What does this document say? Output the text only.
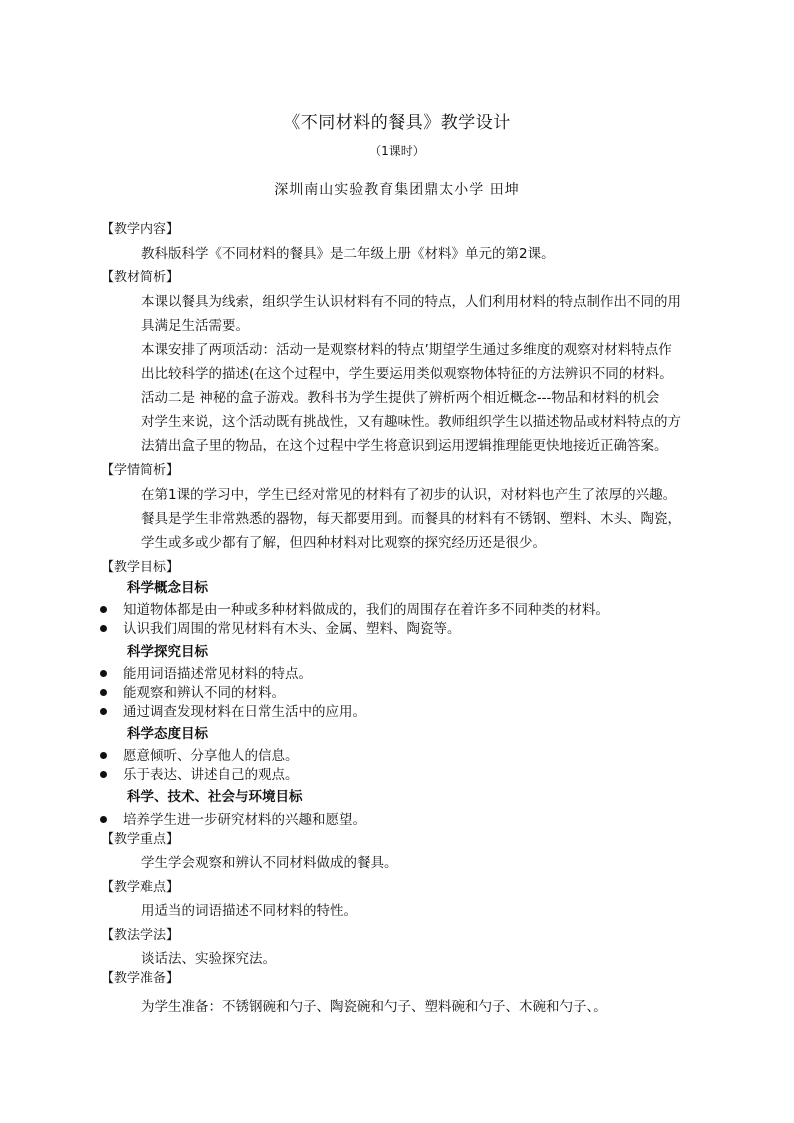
《不同材料的餐具》教学设计
（1课时）
深圳南山实验教育集团鼎太小学 田坤
【教学内容】
教科版科学《不同材料的餐具》是二年级上册《材料》单元的第2课。
【教材简析】
本课以餐具为线索，组织学生认识材料有不同的特点，人们利用材料的特点制作出不同的用
具满足生活需要。
本课安排了两项活动：活动一是观察材料的特点’期望学生通过多维度的观察对材料特点作
出比较科学的描述(在这个过程中，学生要运用类似观察物体特征的方法辨识不同的材料。
活动二是 神秘的盒子游戏。教科书为学生提供了辨析两个相近概念---物品和材料的机会
对学生来说，这个活动既有挑战性，又有趣味性。教师组织学生以描述物品或材料特点的方
法猜出盒子里的物品，在这个过程中学生将意识到运用逻辑推理能更快地接近正确答案。
【学情简析】
在第1课的学习中，学生已经对常见的材料有了初步的认识，对材料也产生了浓厚的兴趣。
餐具是学生非常熟悉的器物，每天都要用到。而餐具的材料有不锈钢、塑料、木头、陶瓷，
学生或多或少都有了解，但四种材料对比观察的探究经历还是很少。
【教学目标】
科学概念目标
知道物体都是由一种或多种材料做成的，我们的周围存在着许多不同种类的材料。
认识我们周围的常见材料有木头、金属、塑料、陶瓷等。
科学探究目标
能用词语描述常见材料的特点。
能观察和辨认不同的材料。
通过调查发现材料在日常生活中的应用。
科学态度目标
愿意倾听、分享他人的信息。
乐于表达、讲述自己的观点。
科学、技术、社会与环境目标
培养学生进一步研究材料的兴趣和愿望。
【教学重点】
学生学会观察和辨认不同材料做成的餐具。
【教学难点】
用适当的词语描述不同材料的特性。
【教法学法】
谈话法、实验探究法。
【教学准备】
为学生准备：不锈钢碗和勺子、陶瓷碗和勺子、塑料碗和勺子、木碗和勺子、。
